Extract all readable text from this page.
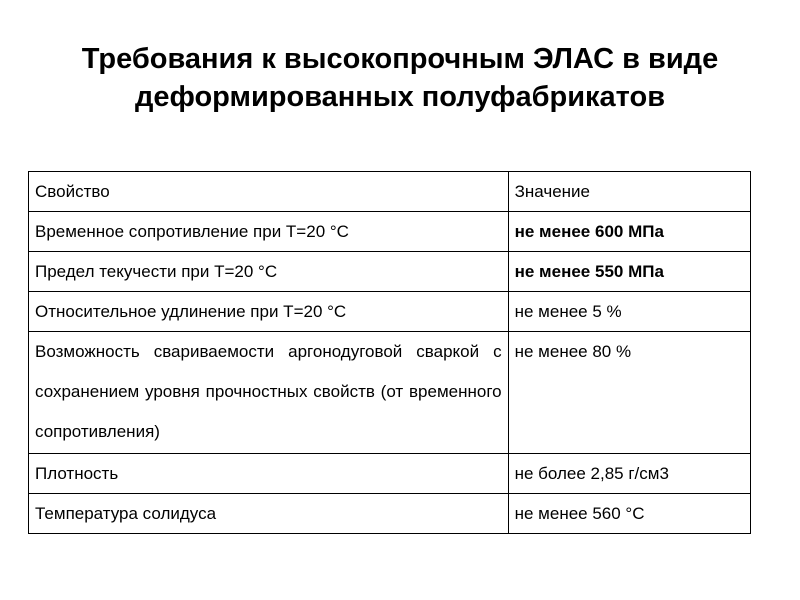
Требования к высокопрочным ЭЛАС в виде деформированных полуфабрикатов
Свойство	Значение
Временное сопротивление при Т=20 °С	не менее 600 МПа
Предел текучести при Т=20 °С	не менее 550 МПа
Относительное удлинение при Т=20 °С	не менее 5 %
Возможность свариваемости аргонодуговой сваркой с сохранением уровня прочностных свойств (от временного сопротивления)	не менее 80 %
Плотность	не более 2,85 г/см3
Температура солидуса	не менее 560 °С
